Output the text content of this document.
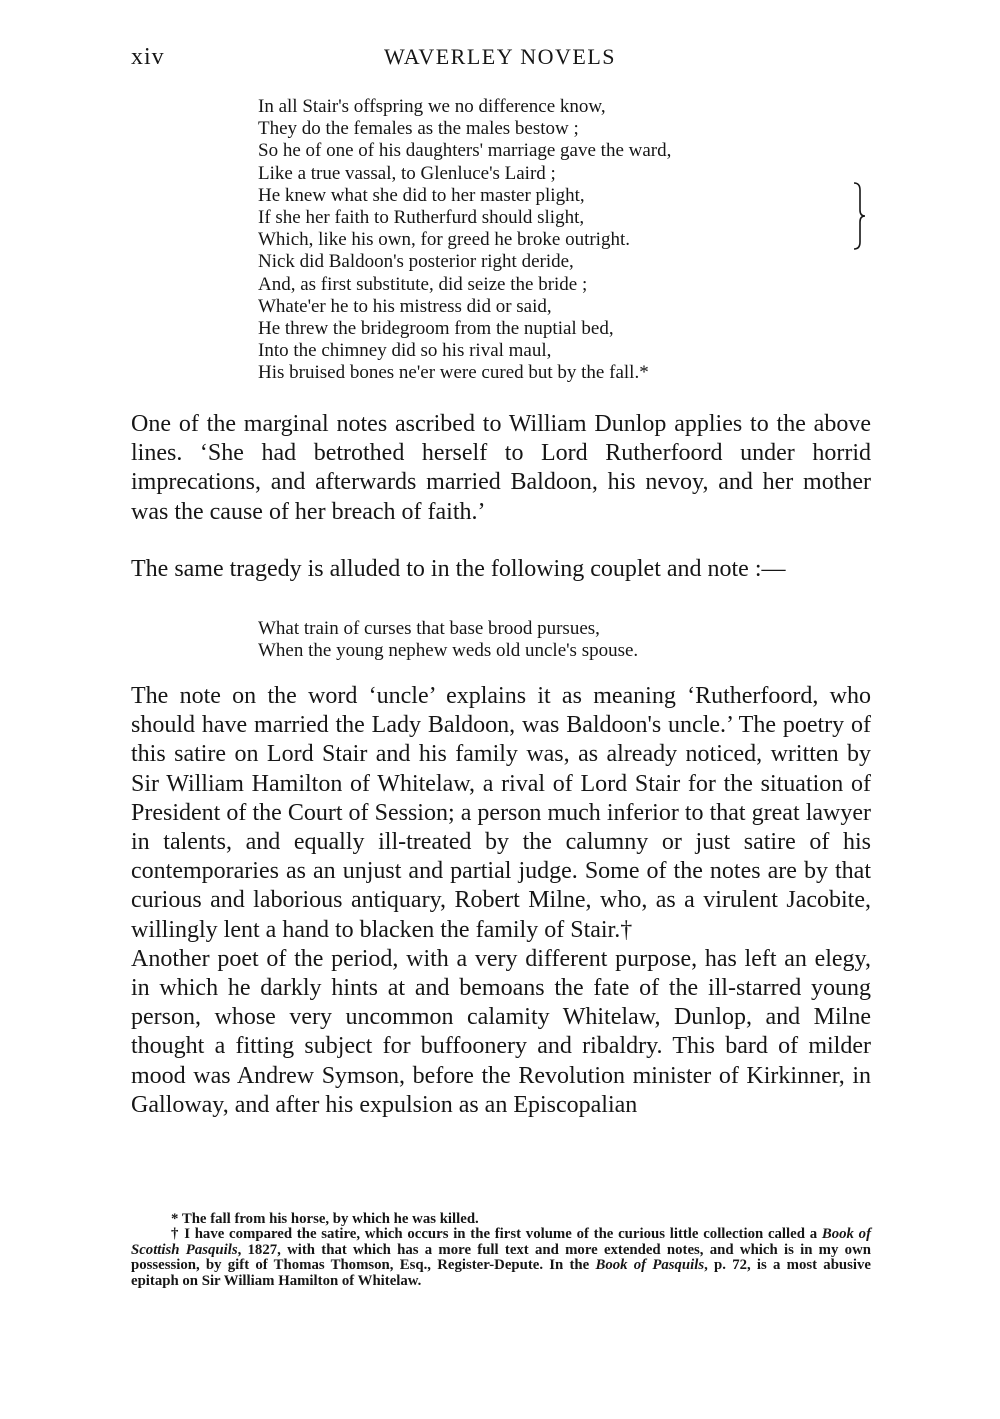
xiv	WAVERLEY NOVELS
In all Stair's offspring we no difference know,
They do the females as the males bestow ;
So he of one of his daughters' marriage gave the ward,
Like a true vassal, to Glenluce's Laird ;
He knew what she did to her master plight,
If she her faith to Rutherfurd should slight,
Which, like his own, for greed he broke outright.
Nick did Baldoon's posterior right deride,
And, as first substitute, did seize the bride ;
Whate'er he to his mistress did or said,
He threw the bridegroom from the nuptial bed,
Into the chimney did so his rival maul,
His bruised bones ne'er were cured but by the fall.*
One of the marginal notes ascribed to William Dunlop applies to the above lines. ‘She had betrothed herself to Lord Rutherfoord under horrid imprecations, and afterwards married Baldoon, his nevoy, and her mother was the cause of her breach of faith.’
The same tragedy is alluded to in the following couplet and note :—
What train of curses that base brood pursues,
When the young nephew weds old uncle's spouse.
The note on the word ‘uncle’ explains it as meaning ‘Rutherfoord, who should have married the Lady Baldoon, was Baldoon's uncle.’ The poetry of this satire on Lord Stair and his family was, as already noticed, written by Sir William Hamilton of Whitelaw, a rival of Lord Stair for the situation of President of the Court of Session; a person much inferior to that great lawyer in talents, and equally ill-treated by the calumny or just satire of his contemporaries as an unjust and partial judge. Some of the notes are by that curious and laborious antiquary, Robert Milne, who, as a virulent Jacobite, willingly lent a hand to blacken the family of Stair.†
Another poet of the period, with a very different purpose, has left an elegy, in which he darkly hints at and bemoans the fate of the ill-starred young person, whose very uncommon calamity Whitelaw, Dunlop, and Milne thought a fitting subject for buffoonery and ribaldry. This bard of milder mood was Andrew Symson, before the Revolution minister of Kirkinner, in Galloway, and after his expulsion as an Episcopalian

* The fall from his horse, by which he was killed.

† I have compared the satire, which occurs in the first volume of the curious little collection called a Book of Scottish Pasquils, 1827, with that which has a more full text and more extended notes, and which is in my own possession, by gift of Thomas Thomson, Esq., Register-Depute. In the Book of Pasquils, p. 72, is a most abusive epitaph on Sir William Hamilton of Whitelaw.
